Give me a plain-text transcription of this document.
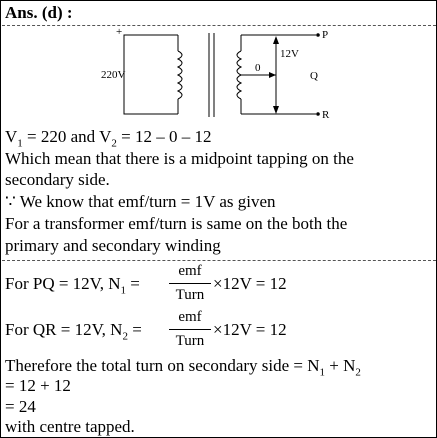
Ans. (d) :
+
220V
0
12V
P
Q
R
$V_1 = 220$ and $V_2 = 12 - 0 - 12$
Which mean that there is a midpoint tapping on the
secondary side.
∵ We know that emf/turn = 1V as given
For a transformer emf/turn is same on the both the
primary and secondary winding
For PQ = 12V, $N_1$ =
emf
Turn
×12V = 12
For QR = 12V, $N_2$ =
emf
Turn
×12V = 12
Therefore the total turn on secondary side = $N_1 + N_2$
= 12 + 12
= 24
with centre tapped.
